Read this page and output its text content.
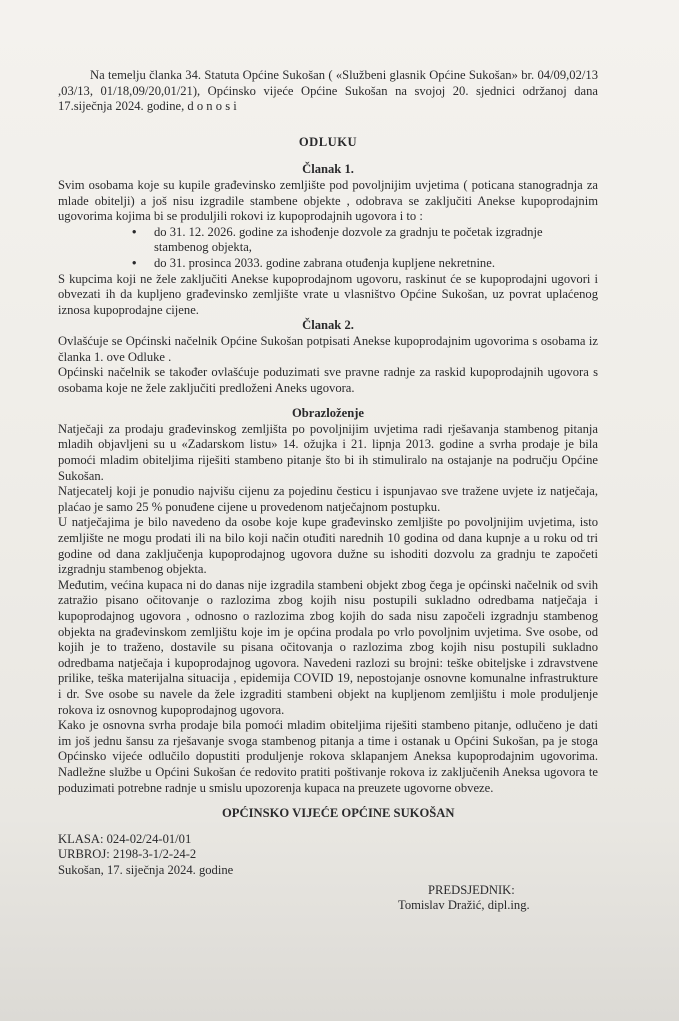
Na temelju članka 34. Statuta Općine Sukošan ( «Službeni glasnik Općine Sukošan» br. 04/09,02/13 ,03/13, 01/18,09/20,01/21), Općinsko vijeće Općine Sukošan na svojoj 20. sjednici održanoj dana 17.siječnja 2024. godine, d o n o s i

ODLUKU

Članak 1.

Svim osobama koje su kupile građevinsko zemljište pod povoljnijim uvjetima ( poticana stanogradnja za mlade obitelji) a još nisu izgradile stambene objekte , odobrava se zaključiti Anekse kupoprodajnim ugovorima kojima bi se produljili rokovi iz kupoprodajnih ugovora i to :

• do 31. 12. 2026. godine za ishođenje dozvole za gradnju te početak izgradnje stambenog objekta,
• do 31. prosinca 2033. godine zabrana otuđenja kupljene nekretnine.

S kupcima koji ne žele zaključiti Anekse kupoprodajnom ugovoru, raskinut će se kupoprodajni ugovori i obvezati ih da kupljeno građevinsko zemljište vrate u vlasništvo Općine Sukošan, uz povrat uplaćenog iznosa kupoprodajne cijene.

Članak 2.

Ovlašćuje se Općinski načelnik Općine Sukošan potpisati Anekse kupoprodajnim ugovorima s osobama iz članka 1. ove Odluke .

Općinski načelnik se također ovlašćuje poduzimati sve pravne radnje za raskid kupoprodajnih ugovora s osobama koje ne žele zaključiti predloženi Aneks ugovora.

Obrazloženje

Natječaji za prodaju građevinskog zemljišta po povoljnijim uvjetima radi rješavanja stambenog pitanja mladih objavljeni su u «Zadarskom listu» 14. ožujka i 21. lipnja 2013. godine a svrha prodaje je bila pomoći mladim obiteljima riješiti stambeno pitanje što bi ih stimuliralo na ostajanje na području Općine Sukošan.

Natjecatelj koji je ponudio najvišu cijenu za pojedinu česticu i ispunjavao sve tražene uvjete iz natječaja, plaćao je samo 25 % ponuđene cijene u provedenom natječajnom postupku.

U natječajima je bilo navedeno da osobe koje kupe građevinsko zemljište po povoljnijim uvjetima, isto zemljište ne mogu prodati ili na bilo koji način otuđiti narednih 10 godina od dana kupnje a u roku od tri godine od dana zaključenja kupoprodajnog ugovora dužne su ishoditi dozvolu za gradnju te započeti izgradnju stambenog objekta.

Međutim, većina kupaca ni do danas nije izgradila stambeni objekt zbog čega je općinski načelnik od svih zatražio pisano očitovanje o razlozima zbog kojih nisu postupili sukladno odredbama natječaja i kupoprodajnog ugovora , odnosno o razlozima zbog kojih do sada nisu započeli izgradnju stambenog objekta na građevinskom zemljištu koje im je općina prodala po vrlo povoljnim uvjetima. Sve osobe, od kojih je to traženo, dostavile su pisana očitovanja o razlozima zbog kojih nisu postupili sukladno odredbama natječaja i kupoprodajnog ugovora. Navedeni razlozi su brojni: teške obiteljske i zdravstvene prilike, teška materijalna situacija , epidemija COVID 19, nepostojanje osnovne komunalne infrastrukture i dr. Sve osobe su navele da žele izgraditi stambeni objekt na kupljenom zemljištu i mole produljenje rokova iz osnovnog kupoprodajnog ugovora.

Kako je osnovna svrha prodaje bila pomoći mladim obiteljima riješiti stambeno pitanje, odlučeno je dati im još jednu šansu za rješavanje svoga stambenog pitanja a time i ostanak u Općini Sukošan, pa je stoga Općinsko vijeće odlučilo dopustiti produljenje rokova sklapanjem Aneksa kupoprodajnim ugovorima. Nadležne službe u Općini Sukošan će redovito pratiti poštivanje rokova iz zaključenih Aneksa ugovora te poduzimati potrebne radnje u smislu upozorenja kupaca na preuzete ugovorne obveze.

OPĆINSKO VIJEĆE OPĆINE SUKOŠAN

KLASA: 024-02/24-01/01

URBROJ: 2198-3-1/2-24-2

Sukošan, 17. siječnja 2024. godine

PREDSJEDNIK:

Tomislav Dražić, dipl.ing.
